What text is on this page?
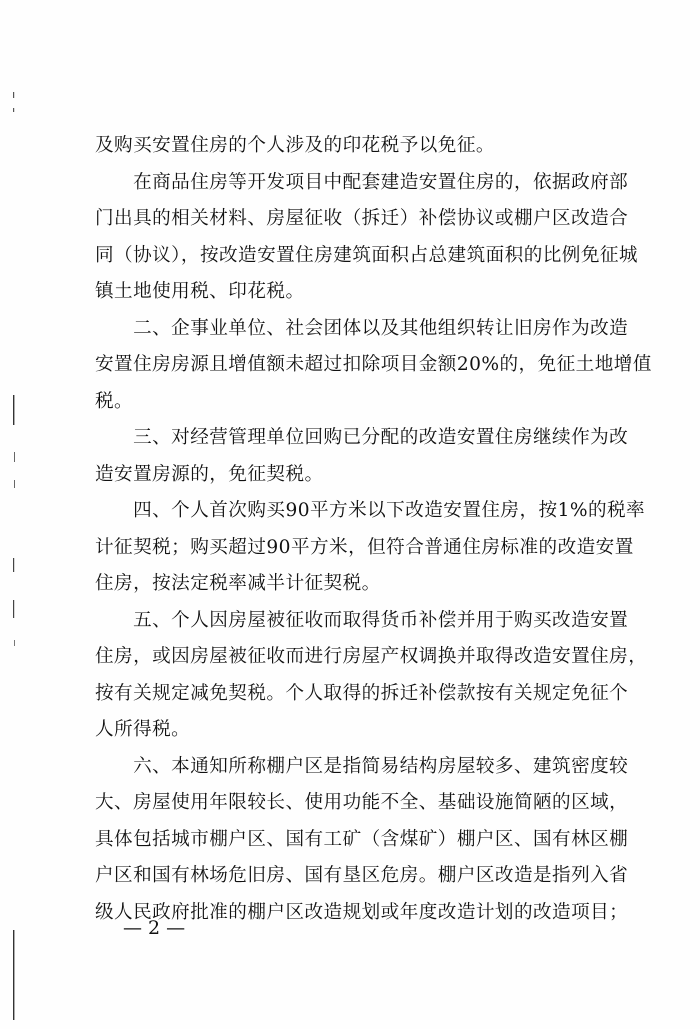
及购买安置住房的个人涉及的印花税予以免征。
　　在商品住房等开发项目中配套建造安置住房的，依据政府部
门出具的相关材料、房屋征收（拆迁）补偿协议或棚户区改造合
同（协议），按改造安置住房建筑面积占总建筑面积的比例免征城
镇土地使用税、印花税。
　　二、企事业单位、社会团体以及其他组织转让旧房作为改造
安置住房房源且增值额未超过扣除项目金额20%的，免征土地增值
税。
　　三、对经营管理单位回购已分配的改造安置住房继续作为改
造安置房源的，免征契税。
　　四、个人首次购买90平方米以下改造安置住房，按1%的税率
计征契税；购买超过90平方米，但符合普通住房标准的改造安置
住房，按法定税率减半计征契税。
　　五、个人因房屋被征收而取得货币补偿并用于购买改造安置
住房，或因房屋被征收而进行房屋产权调换并取得改造安置住房，
按有关规定减免契税。个人取得的拆迁补偿款按有关规定免征个
人所得税。
　　六、本通知所称棚户区是指简易结构房屋较多、建筑密度较
大、房屋使用年限较长、使用功能不全、基础设施简陋的区域，
具体包括城市棚户区、国有工矿（含煤矿）棚户区、国有林区棚
户区和国有林场危旧房、国有垦区危房。棚户区改造是指列入省
级人民政府批准的棚户区改造规划或年度改造计划的改造项目；
— 2 —
